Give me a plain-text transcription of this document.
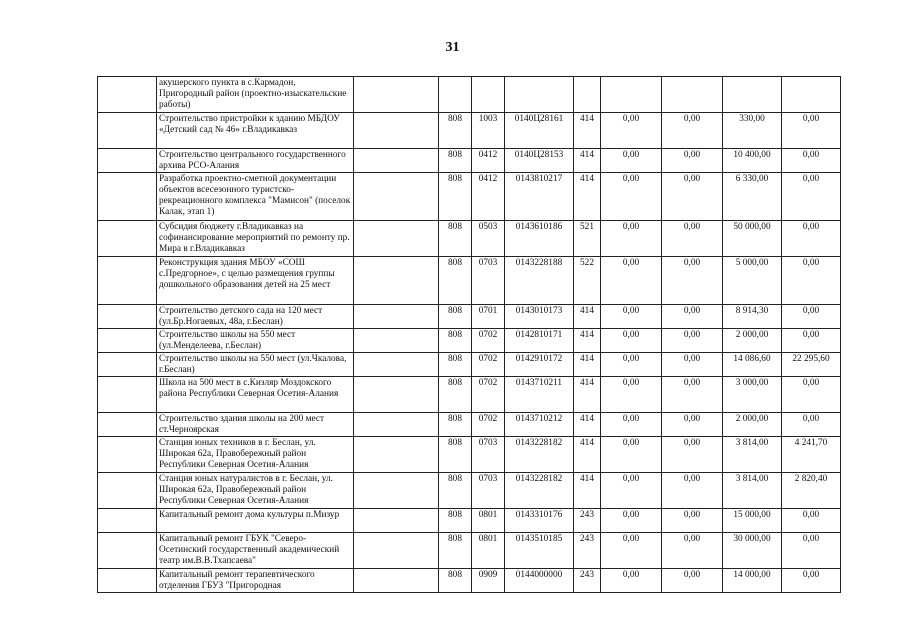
31

	акушерского пункта в с.Кармадон, Пригородный район (проектно-изыскательские работы)									

	Строительство пристройки к зданию МБДОУ «Детский сад № 46» г.Владикавказ		808	1003	0140Ц28161	414	0,00	0,00	330,00	0,00

	Строительство центрального государственного архива РСО-Алания		808	0412	0140Ц28153	414	0,00	0,00	10 400,00	0,00

	Разработка проектно-сметной документации объектов всесезонного туристско-рекреационного комплекса "Мамисон" (поселок Калак, этап 1)		808	0412	0143810217	414	0,00	0,00	6 330,00	0,00

	Субсидия бюджету г.Владикавказ на софинансирование мероприятий по ремонту пр. Мира в г.Владикавказ		808	0503	0143610186	521	0,00	0,00	50 000,00	0,00

	Реконструкция здания МБОУ «СОШ с.Предгорное», с целью размещения группы дошкольного образования детей на 25 мест		808	0703	0143228188	522	0,00	0,00	5 000,00	0,00

	Строительство детского сада на 120 мест (ул.Бр.Ногаевых, 48а, г.Беслан)		808	0701	0143010173	414	0,00	0,00	8 914,30	0,00

	Строительство школы на 550 мест (ул.Менделеева, г.Беслан)		808	0702	0142810171	414	0,00	0,00	2 000,00	0,00

	Строительство школы на 550 мест (ул.Чкалова, г.Беслан)		808	0702	0142910172	414	0,00	0,00	14 086,60	22 295,60

	Школа на 500 мест в с.Кизляр Моздокского района Республики Северная Осетия-Алания		808	0702	0143710211	414	0,00	0,00	3 000,00	0,00

	Строительство здания школы на 200 мест ст.Черноярская		808	0702	0143710212	414	0,00	0,00	2 000,00	0,00

	Станция юных техников в г. Беслан, ул. Широкая 62а, Правобережный район Республики Северная Осетия-Алания		808	0703	0143228182	414	0,00	0,00	3 814,00	4 241,70

	Станция юных натуралистов в г. Беслан, ул. Широкая 62а, Правобережный район Республики Северная Осетия-Алания		808	0703	0143228182	414	0,00	0,00	3 814,00	2 820,40

	Капитальный ремонт дома культуры п.Мизур		808	0801	0143310176	243	0,00	0,00	15 000,00	0,00

	Капитальный ремонт ГБУК "Северо-Осетинский государственный академический театр им.В.В.Тхапсаева"		808	0801	0143510185	243	0,00	0,00	30 000,00	0,00

	Капитальный ремонт терапевтического отделения ГБУЗ "Пригородная		808	0909	0144000000	243	0,00	0,00	14 000,00	0,00
